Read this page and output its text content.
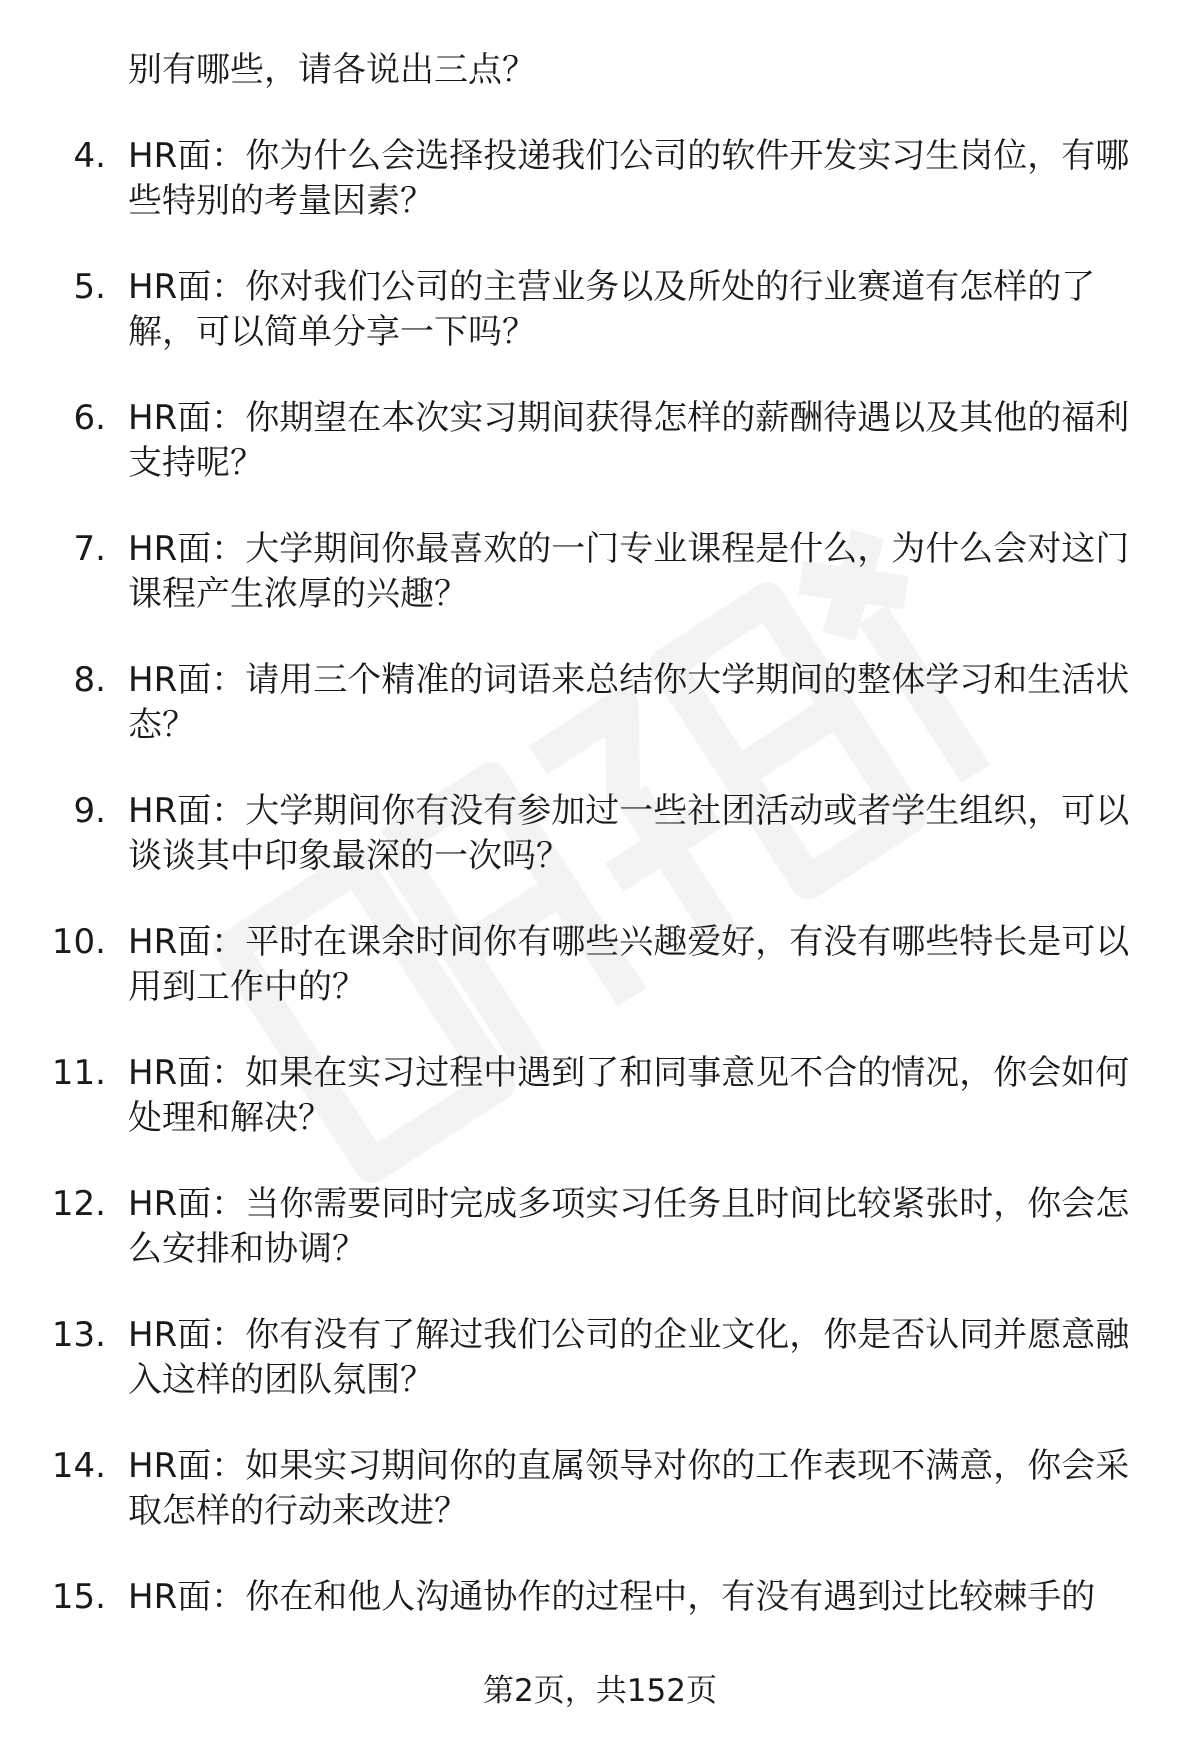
别有哪些，请各说出三点？
4. HR面：你为什么会选择投递我们公司的软件开发实习生岗位，有哪些特别的考量因素？
5. HR面：你对我们公司的主营业务以及所处的行业赛道有怎样的了解，可以简单分享一下吗？
6. HR面：你期望在本次实习期间获得怎样的薪酬待遇以及其他的福利支持呢？
7. HR面：大学期间你最喜欢的一门专业课程是什么，为什么会对这门课程产生浓厚的兴趣？
8. HR面：请用三个精准的词语来总结你大学期间的整体学习和生活状态？
9. HR面：大学期间你有没有参加过一些社团活动或者学生组织，可以谈谈其中印象最深的一次吗？
10. HR面：平时在课余时间你有哪些兴趣爱好，有没有哪些特长是可以用到工作中的？
11. HR面：如果在实习过程中遇到了和同事意见不合的情况，你会如何处理和解决？
12. HR面：当你需要同时完成多项实习任务且时间比较紧张时，你会怎么安排和协调？
13. HR面：你有没有了解过我们公司的企业文化，你是否认同并愿意融入这样的团队氛围？
14. HR面：如果实习期间你的直属领导对你的工作表现不满意，你会采取怎样的行动来改进？
15. HR面：你在和他人沟通协作的过程中，有没有遇到过比较棘手的
第2页，共152页
